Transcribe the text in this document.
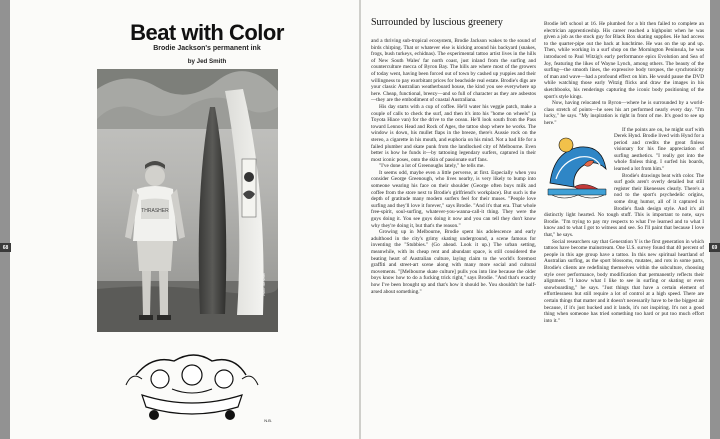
Beat with Color
Brodie Jackson's permanent ink
by Jed Smith
THRASHER
Photo: Jed Smith
Surrounded by luscious greenery

and a thriving sub-tropical ecosystem, Brodie Jackson wakes to the sound of birds chirping. That or whatever else is kicking around his backyard (snakes, frogs, bush turkeys, echidnas). The experimental tattoo artist lives in the hills of New South Wales' far north coast, just inland from the surfing and counterculture mecca of Byron Bay. The hills are where most of the growers of today went, having been forced out of town by cashed up yuppies and their willingness to pay exorbitant prices for beachside real estate. Brodie's digs are your classic Australian weatherboard house, the kind you see everywhere up here. Cheap, functional, breezy—and so full of character as they are asbestos—they are the embodiment of coastal Australiana.

His day starts with a cup of coffee. He'll water his veggie patch, make a couple of calls to check the surf, and then it's into his "home on wheels" (a Toyota Hiace van) for the drive to the ocean. He'll look south from the Pass toward Lennox Head and Rock of Ages, the tattoo shop where he works. The window is down, his mullet flaps in the breeze, there's Aussie rock on the stereo, a cigarette in his mouth, and euphoria on his mind. Not a bad life for a failed plumber and skate punk from the landlocked city of Melbourne. Even better is how he funds it—by tattooing legendary surfers, captured in their most iconic poses, onto the skin of passionate surf fans.

"I've done a lot of Greenoughs lately," he tells me.

It seems odd, maybe even a little perverse, at first. Especially when you consider George Greenough, who lives nearby, is very likely to bump into someone wearing his face on their shoulder (George often buys milk and coffee from the store next to Brodie's girlfriend's workplace). But such is the depth of gratitude many modern surfers feel for their muses. "People love surfing and they'll love it forever," says Brodie. "And it's that era. That whole free-spirit, soul-surfing, whatever-you-wanna-call-it thing. They were the guys doing it. You see guys doing it now and you can tell they don't know why they're doing it, but that's the reason."

Growing up in Melbourne, Brodie spent his adolescence and early adulthood in the city's grimy skating underground, a scene famous for inventing the "Stubbies." (Go ahead. Look it up.) The urban setting, meanwhile, with its cheap rent and abundant space, is still considered the beating heart of Australian culture, laying claim to the world's foremost graffiti and street-art scene along with many more social and cultural movements. "[Melbourne skate culture] pulls you into line because the older boys know how to do a fucking trick right," says Brodie. "And that's exactly how I've been brought up and that's how it should be. You shouldn't be half-arsed about something."

Brodie left school at 16. He plumbed for a bit then failed to complete an electrician apprenticeship. His career reached a highpoint when he was given a job as the stock guy for Black Box skating supplies. He had access to the quarter-pipe out the back at lunchtime. He was on the up and up. Then, while working in a surf shop on the Mornington Peninsula, he was introduced to Paul Witzig's early performance epics Evolution and Sea of Joy, featuring the likes of Wayne Lynch, among others. The beauty of the surfing—the smooth lines, the expressive body torques, the synchronicity of man and wave—had a profound effect on him. He would pause the DVD while watching those early Witzig flicks and draw the images in his sketchbooks, his renderings capturing the iconic body positioning of the sport's style kings.

Now, having relocated to Byron—where he is surrounded by a world-class stretch of points—he sees his art performed nearly every day. "I'm lucky," he says. "My inspiration is right in front of me. It's good to see up here."

If the points are on, he might surf with Derek Hynd. Brodie lived with Hynd for a period and credits the great finless visionary for his fine appreciation of surfing aesthetics. "I really got into the whole finless thing. I surfed his boards, learned a lot from him."

Brodie's drawings beat with color. The surf gods aren't overly detailed but still register their likenesses clearly. There's a nod to the sport's psychedelic origins, some drug humor, all of it captured in Brodie's flash design style. And it's all distinctly light hearted. No tough stuff. This is important to note, says Brodie. "I'm trying to pay my respects to what I've learned and to what I know and to what I got to witness and see. So I'll paint that because I love that," he says.

Social researchers say that Generation Y is the first generation in which tattoos have become mainstream. One U.S. survey found that 40 percent of people in this age group have a tattoo. In this new spiritual heartland of Australian surfing, as the sport blossoms, mutates, and rots in some parts, Brodie's clients are redefining themselves within the subculture, choosing style over performance, body modification that permanently reflects their alignment. "I know what I like to see in surfing or skating or even snowboarding," he says. "Just things that have a certain element of effortlessness but still require a lot of control at a high speed. There are certain things that matter and it doesn't necessarily have to be the biggest air because, if it's just hucked and it lands, it's not inspiring. It's not a good thing when someone has tried something too hard or put too much effort into it."

N.B.
68	69
